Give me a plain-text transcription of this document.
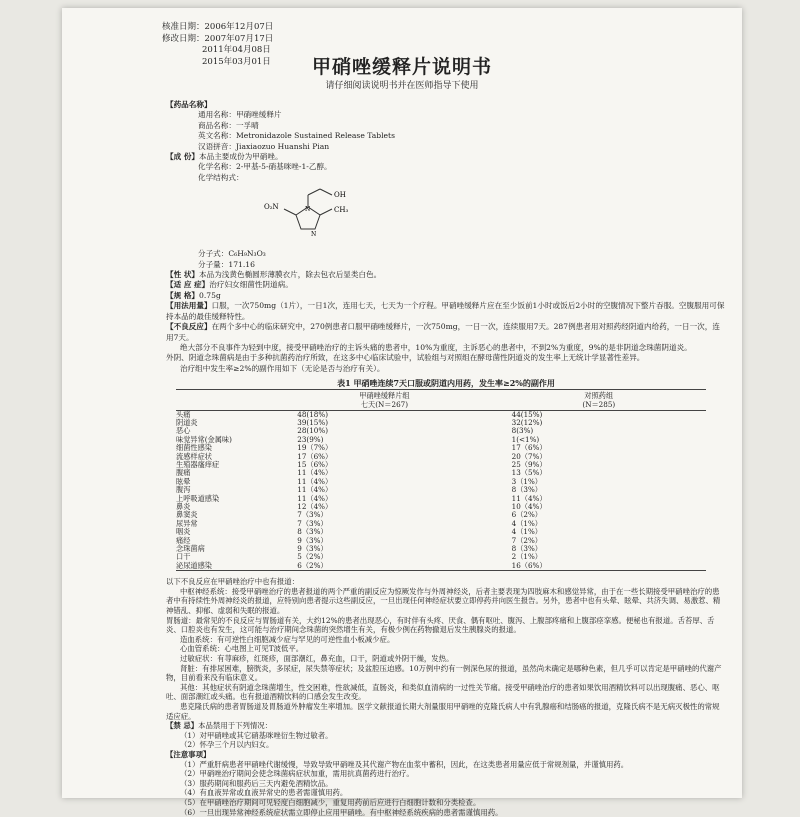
核准日期：2006年12月07日
修改日期：2007年07月17日
2011年04月08日
2015年03月01日	甲硝唑缓释片说明书
请仔细阅读说明书并在医师指导下使用

【药品名称】

通用名称：甲硝唑缓释片

商品名称：一孚晴

英文名称：Metronidazole Sustained Release Tablets

汉语拼音：Jiaxiaozuo Huanshi Pian

【成 份】本品主要成份为甲硝唑。

化学名称：2-甲基-5-硝基咪唑-1-乙醇。

化学结构式：

OH
CH₃
O₂N	N
N

分子式：C₆H₉N₃O₃

分子量：171.16

【性 状】本品为浅黄色椭圆形薄膜衣片，除去包衣后显类白色。

【适 应 症】治疗妇女细菌性阴道病。

【规 格】0.75g

【用法用量】口服，一次750mg（1片），一日1次，连用七天，七天为一个疗程。甲硝唑缓释片应在至少饭前1小时或饭后2小时的空腹情况下整片吞服。空腹服用可保持本品的最佳缓释特性。

【不良反应】在两个多中心的临床研究中，270例患者口服甲硝唑缓释片，一次750mg，一日一次，连续服用7天。287例患者用对照药经阴道内给药，一日一次，连用7天。

绝大部分不良事件为轻到中度，接受甲硝唑治疗的主诉头痛的患者中，10%为重度，主诉恶心的患者中，不到2%为重度，9%的是非阴道念珠菌阴道炎。

外阴、阴道念珠菌病是由于多种抗菌药治疗所致，在这多中心临床试验中，试验组与对照组在酵母菌性阴道炎的发生率上无统计学显著性差异。

治疗组中发生率≥2%的副作用如下（无论是否与治疗有关）。

表1 甲硝唑连续7天口服或阴道内用药，发生率≥2%的副作用
	甲硝唑缓释片组
七天(N＝267)	对照药组
(N＝285)
头痛	48(18%)	44(15%)
阴道炎	39(15%)	32(12%)
恶心	28(10%)	8(3%)
味觉异常(金属味)	23(9%)	1(<1%)
细菌性感染	19（7%）	17（6%）
流感样症状	17（6%）	20（7%）
生殖器瘙痒症	15（6%）	25（9%）
腹痛	11（4%）	13（5%）
眩晕	11（4%）	3（1%）
腹泻	11（4%）	8（3%）
上呼吸道感染	11（4%）	11（4%）
鼻炎	12（4%）	10（4%）
鼻窦炎	7（3%）	6（2%）
尿异常	7（3%）	4（1%）
咽炎	8（3%）	4（1%）
痛经	9（3%）	7（2%）
念珠菌病	9（3%）	8（3%）
口干	5（2%）	2（1%）
泌尿道感染	6（2%）	16（6%）

以下不良反应在甲硝唑治疗中也有报道：

中枢神经系统：接受甲硝唑治疗的患者报道的两个严重的副反应为惊厥发作与外周神经炎，后者主要表现为四肢麻木和感觉异常，由于在一些长期接受甲硝唑治疗的患者中有持续性外周神经炎的报道，应特别向患者提示这些副反应，一旦出现任何神经症状要立即停药并向医生报告。另外，患者中也有头晕、眩晕、共济失调、易激惹、精神错乱、抑郁、虚弱和失眠的报道。

胃肠道：最常见的不良反应与胃肠道有关，大约12%的患者出现恶心，有时伴有头疼、厌食、偶有呕吐、腹泻、上腹部疼痛和上腹部痉挛感。便秘也有报道。舌苔厚、舌炎、口腔炎也有发生，这可能与治疗期间念珠菌的突然增生有关，有极少例在药物撤退后发生胰腺炎的报道。

造血系统：有可逆性白细胞减少症与罕见的可逆性血小板减少症。

心血管系统：心电图上可见T波低平。

过敏症状：有荨麻疹，红斑疹，面部潮红，鼻充血，口干，阴道或外阴干燥，发热。

肾脏：有排尿困难，膀胱炎，多尿症，尿失禁等症状；及盆腔压迫感。10万例中约有一例深色尿的报道，虽然尚未确定是哪种色素，但几乎可以肯定是甲硝唑的代谢产物，目前看来没有临床意义。

其他：其他症状有阴道念珠菌增生，性交困难，性欲减低，直肠炎，和类似血清病的一过性关节痛。接受甲硝唑治疗的患者如果饮用酒精饮料可以出现腹痛、恶心、呕吐、面部潮红或头痛。也有报道酒精饮料的口感会发生改变。

患克隆氏病的患者胃肠道及胃肠道外肿瘤发生率增加。医学文献报道长期大剂量服用甲硝唑的克隆氏病人中有乳腺癌和结肠癌的报道，克隆氏病不是无病灭极性的常规适应症。

【禁 忌】本品禁用于下列情况：

（1）对甲硝唑或其它硝基咪唑衍生物过敏者。

（2）怀孕三个月以内妇女。

【注意事项】

（1）严重肝病患者甲硝唑代谢缓慢，导致导致甲硝唑及其代谢产物在血浆中蓄积，因此，在这类患者用量应低于常规剂量，并谨慎用药。

（2）甲硝唑治疗期间会使念珠菌病症状加重，需用抗真菌药进行治疗。

（3）服药期间和服药后三天内避免酒精饮品。

（4）有血液异常或血液异常史的患者需谨慎用药。

（5）在甲硝唑治疗期间可见轻度白细胞减少，重复用药前后应进行白细胞计数和分类检查。

（6）一旦出现异常神经系统症状需立即停止应用甲硝唑。有中枢神经系统疾病的患者需谨慎用药。
